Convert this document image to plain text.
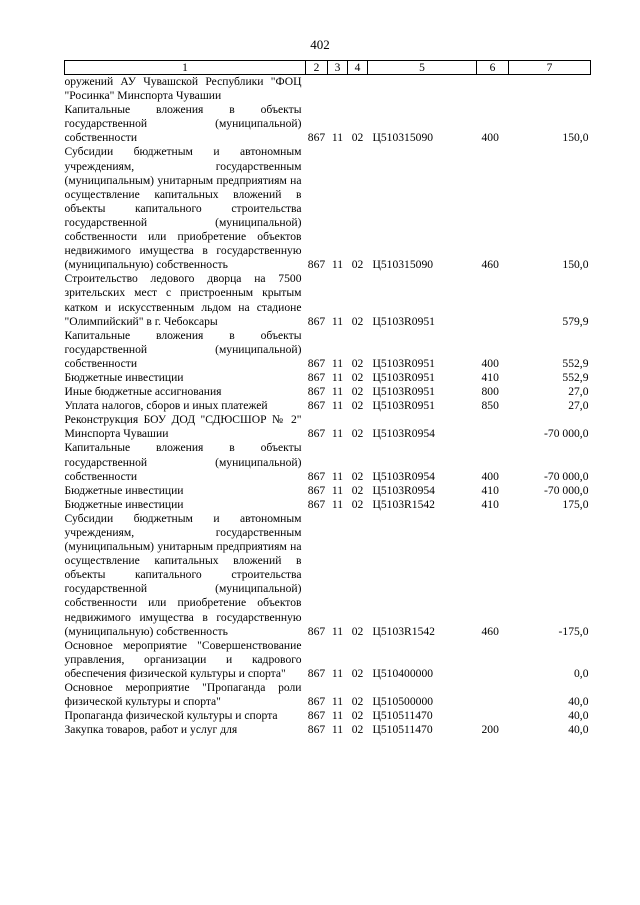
402
1	2	3	4	5	6	7
оружений АУ Чувашской Республики "ФОЦ "Росинка" Минспорта Чувашии						
Капитальные вложения в объекты государственной (муниципальной) собственности	867	11	02	Ц510315090	400	150,0
Субсидии бюджетным и автономным учреждениям, государственным (муниципальным) унитарным предприятиям на осуществление капитальных вложений в объекты капитального строительства государственной (муниципальной) собственности или приобретение объектов недвижимого имущества в государственную (муниципальную) собственность	867	11	02	Ц510315090	460	150,0
Строительство ледового дворца на 7500 зрительских мест с пристроенным крытым катком и искусственным льдом на стадионе "Олимпийский" в г. Чебоксары	867	11	02	Ц5103R0951		579,9
Капитальные вложения в объекты государственной (муниципальной) собственности	867	11	02	Ц5103R0951	400	552,9
Бюджетные инвестиции	867	11	02	Ц5103R0951	410	552,9
Иные бюджетные ассигнования	867	11	02	Ц5103R0951	800	27,0
Уплата налогов, сборов и иных платежей	867	11	02	Ц5103R0951	850	27,0
Реконструкция БОУ ДОД "СДЮСШОР № 2" Минспорта Чувашии	867	11	02	Ц5103R0954		-70 000,0
Капитальные вложения в объекты государственной (муниципальной) собственности	867	11	02	Ц5103R0954	400	-70 000,0
Бюджетные инвестиции	867	11	02	Ц5103R0954	410	-70 000,0
Бюджетные инвестиции	867	11	02	Ц5103R1542	410	175,0
Субсидии бюджетным и автономным учреждениям, государственным (муниципальным) унитарным предприятиям на осуществление капитальных вложений в объекты капитального строительства государственной (муниципальной) собственности или приобретение объектов недвижимого имущества в государственную (муниципальную) собственность	867	11	02	Ц5103R1542	460	-175,0
Основное мероприятие "Совершенствование управления, организации и кадрового обеспечения физической культуры и спорта"	867	11	02	Ц510400000		0,0
Основное мероприятие "Пропаганда роли физической культуры и спорта"	867	11	02	Ц510500000		40,0
Пропаганда физической культуры и спорта	867	11	02	Ц510511470		40,0
Закупка товаров, работ и услуг для	867	11	02	Ц510511470	200	40,0
